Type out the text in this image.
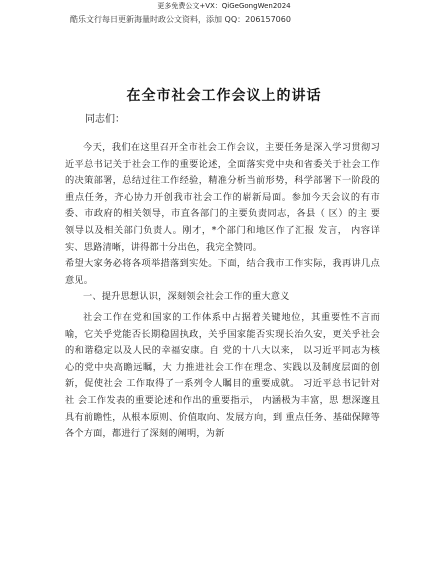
更多免费公文+VX：QiGeGongWen2024
酷乐文行每日更新海量时政公文资料，添加 QQ：206157060
在全市社会工作会议上的讲话
同志们：

今天，我们在这里召开全市社会工作会议，主要任务是深入学习贯彻习近平总书记关于社会工作的重要论述，全面落实党中央和省委关于社会工作的决策部署，总结过往工作经验，精准分析当前形势，科学部署下一阶段的重点任务，齐心协力开创我市社会工作的崭新局面。参加今天会议的有市委、市政府的相关领导，市直各部门的主要负责同志，各县（ 区）的主 要领导以及相关部门负责人。刚才，*个部门和地区作了汇报 发言， 内容详实、思路清晰，讲得都十分出色，我完全赞同。

希望大家务必将各项举措落到实处。下面，结合我市工作实际，我再讲几点意见。

一、提升思想认识，深刻领会社会工作的重大意义

社会工作在党和国家的工作体系中占据着关键地位，其重要性不言而喻，它关乎党能否长期稳固执政，关乎国家能否实现长治久安，更关乎社会的和谐稳定以及人民的幸福安康。自 党的十八大以来， 以习近平同志为核心的党中央高瞻远瞩，大 力推进社会工作在理念、实践以及制度层面的创新，促使社会 工作取得了一系列令人瞩目的重要成就。 习近平总书记针对社 会工作发表的重要论述和作出的重要指示， 内涵极为丰富，思 想深邃且具有前瞻性，从根本原则、价值取向、发展方向，到 重点任务、基础保障等各个方面，都进行了深刻的阐明，为新
